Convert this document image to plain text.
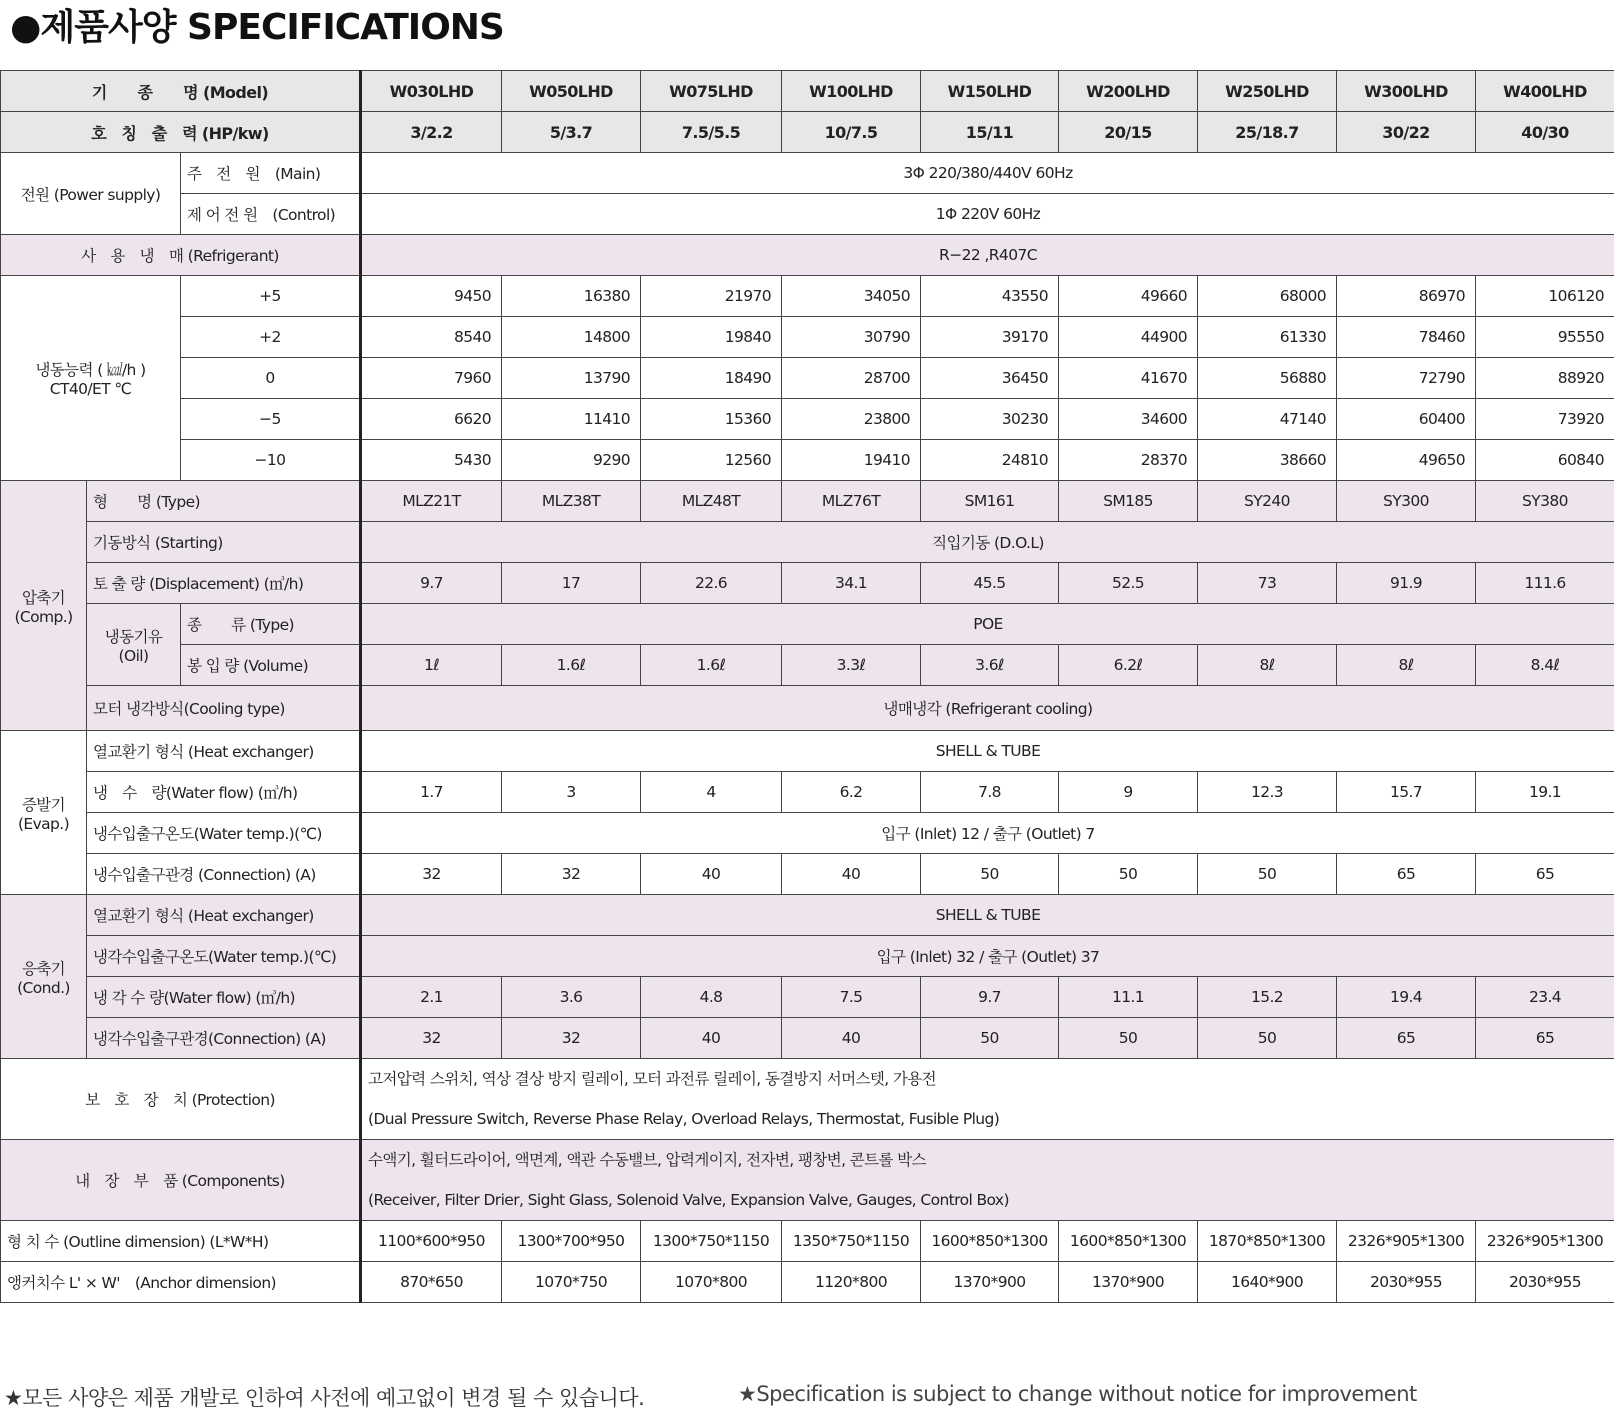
●제품사양 SPECIFICATIONS
기　　종　　명 (Model)			W030LHD	W050LHD	W075LHD	W100LHD	W150LHD	W200LHD	W250LHD	W300LHD	W400LHD
호　칭　출　력 (HP/kw)			3/2.2	5/3.7	7.5/5.5	10/7.5	15/11	20/15	25/18.7	30/22	40/30
전원 (Power supply)		주　전　원　(Main)	3Φ 220/380/440V 60Hz								
		제 어 전 원　(Control)	1Φ 220V 60Hz								
사　용　냉　매 (Refrigerant)			R−22 ,R407C								
냉동능력 ( ㎉/h )
CT40/ET ℃		+5	9450	16380	21970	34050	43550	49660	68000	86970	106120
		+2	8540	14800	19840	30790	39170	44900	61330	78460	95550
		0	7960	13790	18490	28700	36450	41670	56880	72790	88920
		−5	6620	11410	15360	23800	30230	34600	47140	60400	73920
		−10	5430	9290	12560	19410	24810	28370	38660	49650	60840
압축기
(Comp.)	형　　명 (Type)		MLZ21T	MLZ38T	MLZ48T	MLZ76T	SM161	SM185	SY240	SY300	SY380
	기동방식 (Starting)		직입기동 (D.O.L)								
	토 출 량 (Displacement) (㎥/h)		9.7	17	22.6	34.1	45.5	52.5	73	91.9	111.6
	냉동기유
(Oil)	종　　류 (Type)	POE								
		봉 입 량 (Volume)	1ℓ	1.6ℓ	1.6ℓ	3.3ℓ	3.6ℓ	6.2ℓ	8ℓ	8ℓ	8.4ℓ
	모터 냉각방식(Cooling type)		냉매냉각 (Refrigerant cooling)								
증발기
(Evap.)	열교환기 형식 (Heat exchanger)		SHELL & TUBE								
	냉　수　량(Water flow) (㎥/h)		1.7	3	4	6.2	7.8	9	12.3	15.7	19.1
	냉수입출구온도(Water temp.)(℃)		입구 (Inlet) 12 / 출구 (Outlet) 7								
	냉수입출구관경 (Connection) (A)		32	32	40	40	50	50	50	65	65
응축기
(Cond.)	열교환기 형식 (Heat exchanger)		SHELL & TUBE								
	냉각수입출구온도(Water temp.)(℃)		입구 (Inlet) 32 / 출구 (Outlet) 37								
	냉 각 수 량(Water flow) (㎥/h)		2.1	3.6	4.8	7.5	9.7	11.1	15.2	19.4	23.4
	냉각수입출구관경(Connection) (A)		32	32	40	40	50	50	50	65	65
보　호　장　치 (Protection)			고저압력 스위치, 역상 결상 방지 릴레이, 모터 과전류 릴레이, 동결방지 서머스텟, 가용전
(Dual Pressure Switch, Reverse Phase Relay, Overload Relays, Thermostat, Fusible Plug)								

내　장　부　품 (Components)			수액기, 휠터드라이어, 액면계, 액관 수동밸브, 압력게이지, 전자변, 팽창변, 콘트롤 박스
(Receiver, Filter Drier, Sight Glass, Solenoid Valve, Expansion Valve, Gauges, Control Box)								

형 치 수 (Outline dimension) (L*W*H)			1100*600*950	1300*700*950	1300*750*1150	1350*750*1150	1600*850*1300	1600*850*1300	1870*850*1300	2326*905*1300	2326*905*1300
앵커치수 L' × W'　(Anchor dimension)			870*650	1070*750	1070*800	1120*800	1370*900	1370*900	1640*900	2030*955	2030*955
★모든 사양은 제품 개발로 인하여 사전에 예고없이 변경 될 수 있습니다.	★Specification is subject to change without notice for improvement
